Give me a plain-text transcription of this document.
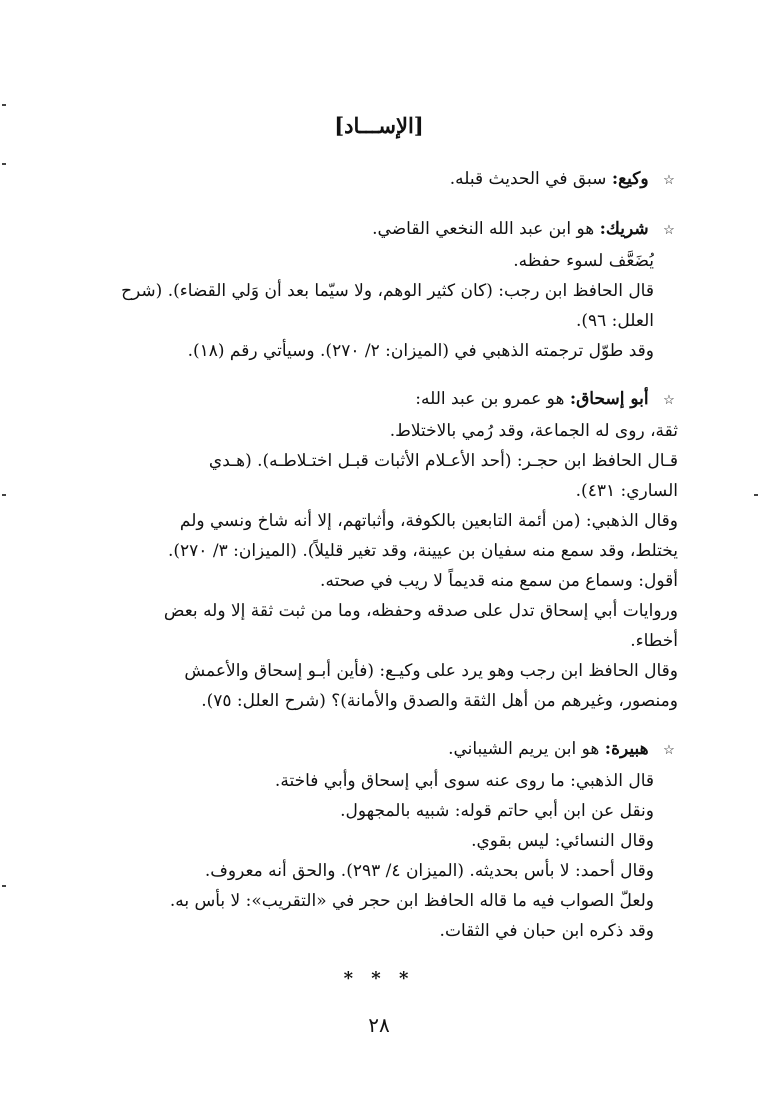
[الإســـاد]
☆ وكيع: سبق في الحديث قبله.
☆ شريك: هو ابن عبد الله النخعي القاضي.
يُضَعَّف لسوء حفظه.
قال الحافظ ابن رجب: (كان كثير الوهم، ولا سيّما بعد أن وَلي القضاء). (شرح
العلل: ٩٦).
وقد طوّل ترجمته الذهبي في (الميزان: ٢/ ٢٧٠). وسيأتي رقم (١٨).
☆ أبو إسحاق: هو عمرو بن عبد الله:
ثقة، روى له الجماعة، وقد رُمي بالاختلاط.
قـال الحافظ ابن حجـر: (أحد الأعـلام الأثبات قبـل اختـلاطـه). (هـدي
الساري: ٤٣١).
وقال الذهبي: (من أئمة التابعين بالكوفة، وأثباتهم، إلا أنه شاخ ونسي ولم
يختلط، وقد سمع منه سفيان بن عيينة، وقد تغير قليلاً). (الميزان: ٣/ ٢٧٠).
أقول: وسماع من سمع منه قديماً لا ريب في صحته.
وروايات أبي إسحاق تدل على صدقه وحفظه، وما من ثبت ثقة إلا وله بعض
أخطاء.
وقال الحافظ ابن رجب وهو يرد على وكيـع: (فأين أبـو إسحاق والأعمش
ومنصور، وغيرهم من أهل الثقة والصدق والأمانة)؟ (شرح العلل: ٧٥).
☆ هبيرة: هو ابن يريم الشيباني.
قال الذهبي: ما روى عنه سوى أبي إسحاق وأبي فاختة.
ونقل عن ابن أبي حاتم قوله: شبيه بالمجهول.
وقال النسائي: ليس بقوي.
وقال أحمد: لا بأس بحديثه. (الميزان ٤/ ٢٩٣). والحق أنه معروف.
ولعلّ الصواب فيه ما قاله الحافظ ابن حجر في «التقريب»: لا بأس به.
وقد ذكره ابن حبان في الثقات.
* * *
٢٨
